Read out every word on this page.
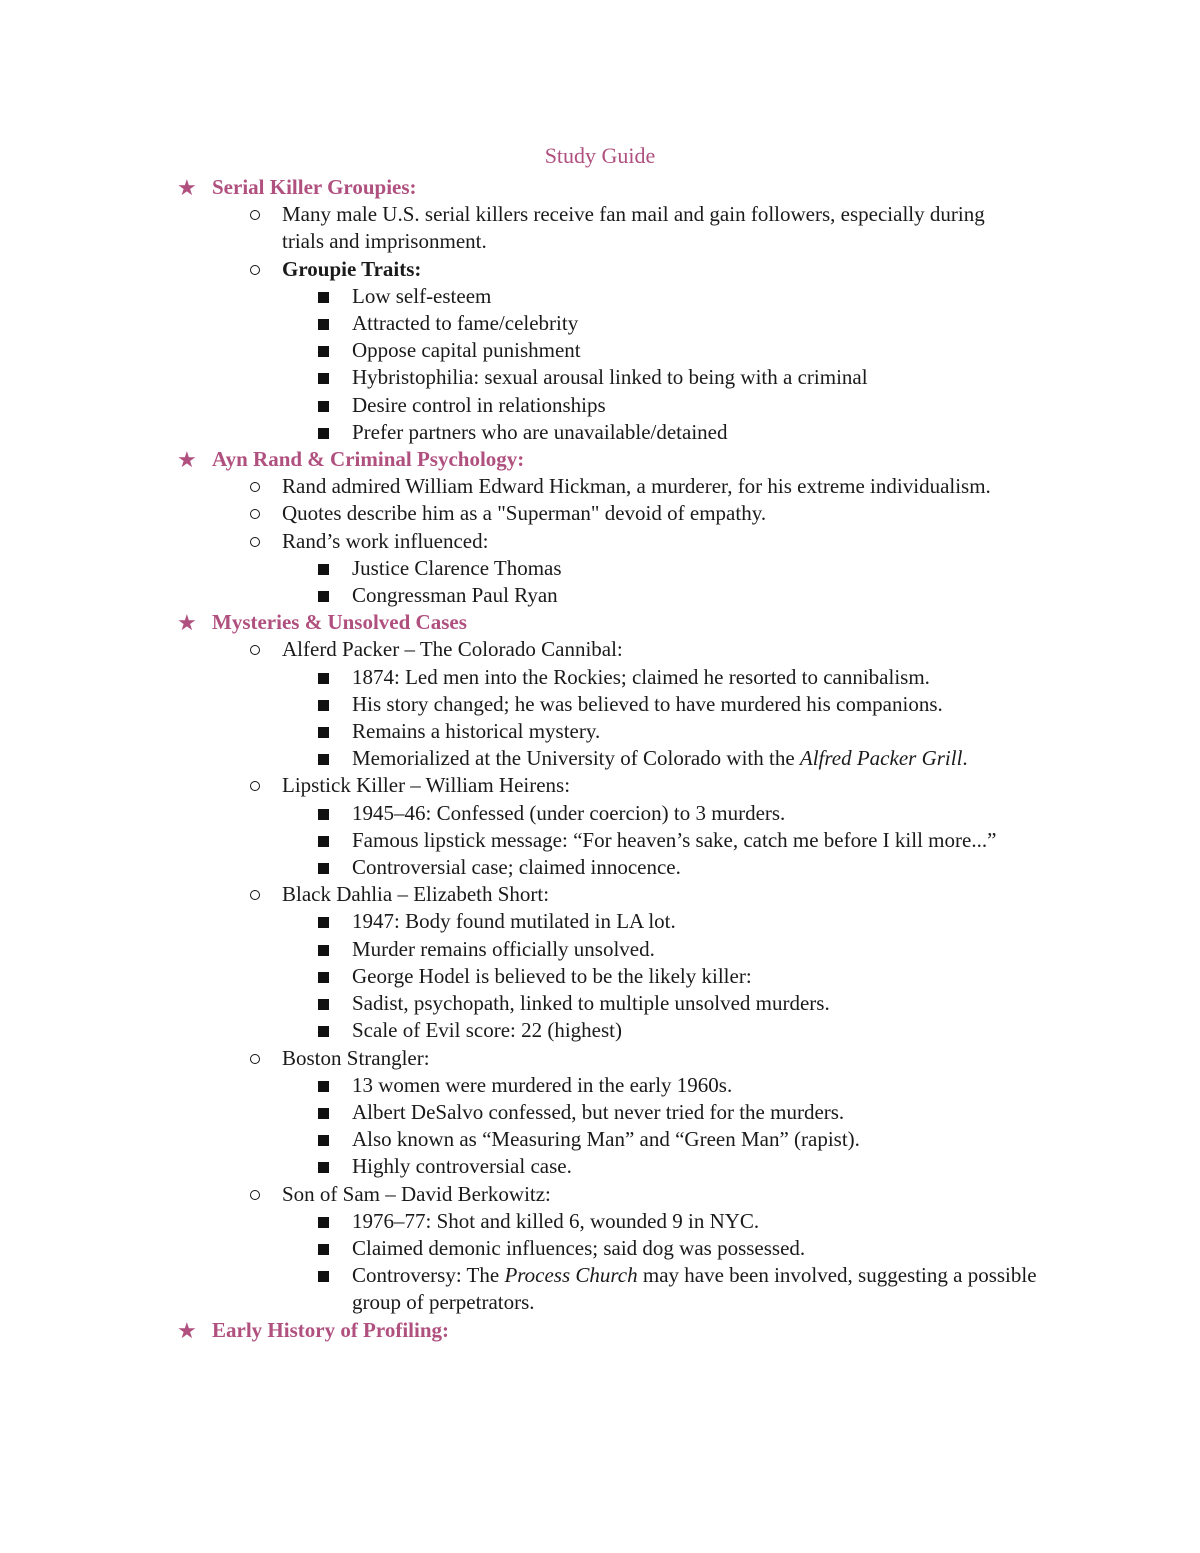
Study Guide
★ Serial Killer Groupies:
Many male U.S. serial killers receive fan mail and gain followers, especially during trials and imprisonment.
Groupie Traits:
Low self-esteem
Attracted to fame/celebrity
Oppose capital punishment
Hybristophilia: sexual arousal linked to being with a criminal
Desire control in relationships
Prefer partners who are unavailable/detained
★ Ayn Rand & Criminal Psychology:
Rand admired William Edward Hickman, a murderer, for his extreme individualism.
Quotes describe him as a "Superman" devoid of empathy.
Rand’s work influenced:
Justice Clarence Thomas
Congressman Paul Ryan
★ Mysteries & Unsolved Cases
Alferd Packer – The Colorado Cannibal:
1874: Led men into the Rockies; claimed he resorted to cannibalism.
His story changed; he was believed to have murdered his companions.
Remains a historical mystery.
Memorialized at the University of Colorado with the Alfred Packer Grill.
Lipstick Killer – William Heirens:
1945–46: Confessed (under coercion) to 3 murders.
Famous lipstick message: “For heaven’s sake, catch me before I kill more...”
Controversial case; claimed innocence.
Black Dahlia – Elizabeth Short:
1947: Body found mutilated in LA lot.
Murder remains officially unsolved.
George Hodel is believed to be the likely killer:
Sadist, psychopath, linked to multiple unsolved murders.
Scale of Evil score: 22 (highest)
Boston Strangler:
13 women were murdered in the early 1960s.
Albert DeSalvo confessed, but never tried for the murders.
Also known as “Measuring Man” and “Green Man” (rapist).
Highly controversial case.
Son of Sam – David Berkowitz:
1976–77: Shot and killed 6, wounded 9 in NYC.
Claimed demonic influences; said dog was possessed.
Controversy: The Process Church may have been involved, suggesting a possible group of perpetrators.
★ Early History of Profiling:
